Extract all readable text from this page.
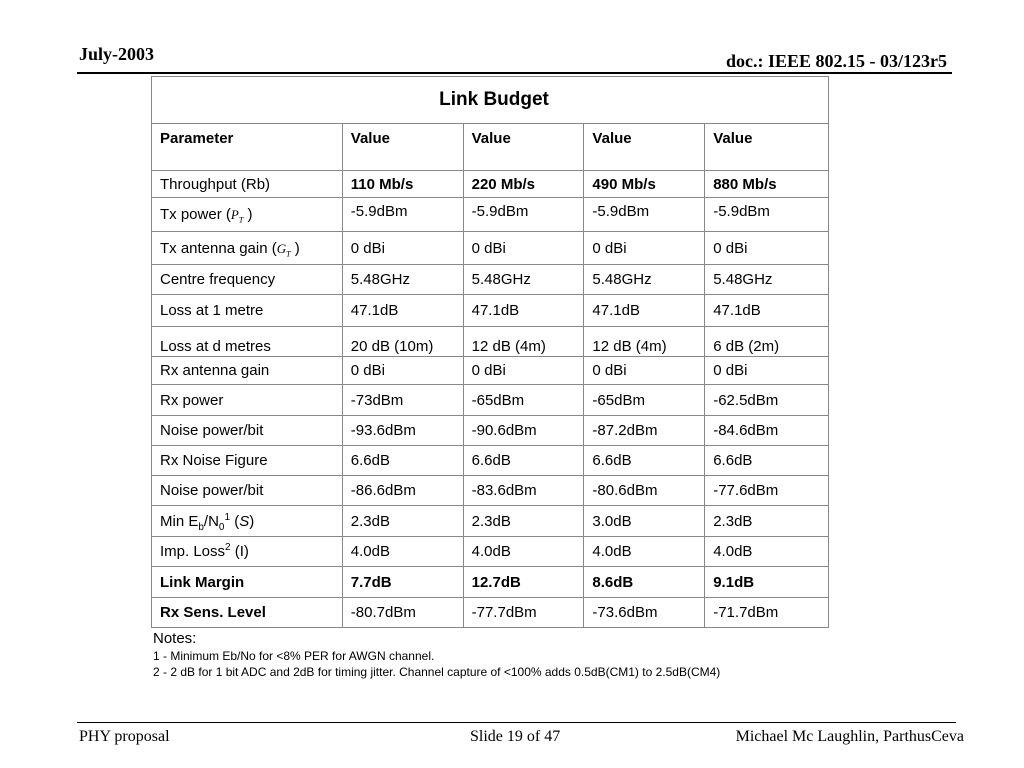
July-2003	doc.: IEEE 802.15 - 03/123r5
Link Budget				
Parameter	Value	Value	Value	Value
Throughput (Rb)	110 Mb/s	220 Mb/s	490 Mb/s	880 Mb/s
Tx power ($P_T$ )	-5.9dBm	-5.9dBm	-5.9dBm	-5.9dBm
Tx antenna gain ($G_T$ )	0 dBi	0 dBi	0 dBi	0 dBi
Centre frequency	5.48GHz	5.48GHz	5.48GHz	5.48GHz
Loss at 1 metre	47.1dB	47.1dB	47.1dB	47.1dB
Loss at d metres	20 dB (10m)	12 dB (4m)	12 dB (4m)	6 dB (2m)
Rx antenna gain	0 dBi	0 dBi	0 dBi	0 dBi
Rx power	-73dBm	-65dBm	-65dBm	-62.5dBm
Noise power/bit	-93.6dBm	-90.6dBm	-87.2dBm	-84.6dBm
Rx Noise Figure	6.6dB	6.6dB	6.6dB	6.6dB
Noise power/bit	-86.6dBm	-83.6dBm	-80.6dBm	-77.6dBm
Min $E_b/N_0^1$ (S)	2.3dB	2.3dB	3.0dB	2.3dB
Imp. Loss$^2$ (I)	4.0dB	4.0dB	4.0dB	4.0dB
Link Margin	7.7dB	12.7dB	8.6dB	9.1dB
Rx Sens. Level	-80.7dBm	-77.7dBm	-73.6dBm	-71.7dBm
Notes:
1 - Minimum Eb/No for <8% PER for AWGN channel.
2 - 2 dB for 1 bit ADC and 2dB for timing jitter. Channel capture of <100% adds 0.5dB(CM1) to 2.5dB(CM4)
PHY proposal	Slide 19 of 47	Michael Mc Laughlin, ParthusCeva
